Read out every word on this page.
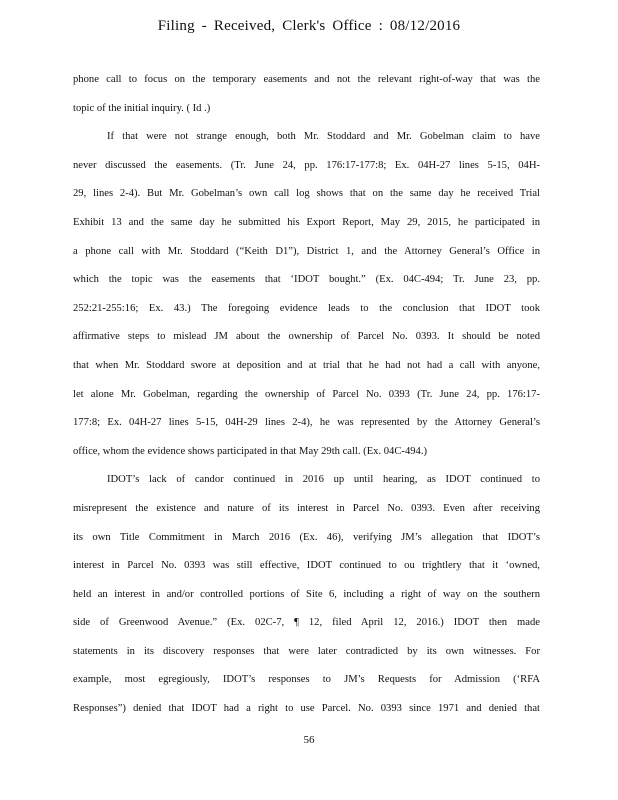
Filing - Received, Clerk's Office : 08/12/2016
phone call to focus on the temporary easements and not the relevant right-of-way that was the
topic of the initial inquiry. ( Id .)
If that were not strange enough, both Mr. Stoddard and Mr. Gobelman claim to have
never discussed the easements. (Tr. June 24, pp. 176:17-177:8; Ex. 04H-27 lines 5-15, 04H-
29, lines 2-4). But Mr. Gobelman’s own call log shows that on the same day he received Trial
Exhibit 13 and the same day he submitted his Export Report, May 29, 2015, he participated in
a phone call with Mr. Stoddard (“Keith D1”), District 1, and the Attorney General’s Office in
which the topic was the easements that ‘IDOT bought.” (Ex. 04C-494; Tr. June 23, pp.
252:21-255:16; Ex. 43.) The foregoing evidence leads to the conclusion that IDOT took
affirmative steps to mislead JM about the ownership of Parcel No. 0393. It should be noted
that when Mr. Stoddard swore at deposition and at trial that he had not had a call with anyone,
let alone Mr. Gobelman, regarding the ownership of Parcel No. 0393 (Tr. June 24, pp. 176:17-
177:8; Ex. 04H-27 lines 5-15, 04H-29 lines 2-4), he was represented by the Attorney General’s
office, whom the evidence shows participated in that May 29th call. (Ex. 04C-494.)
IDOT’s lack of candor continued in 2016 up until hearing, as IDOT continued to
misrepresent the existence and nature of its interest in Parcel No. 0393. Even after receiving
its own Title Commitment in March 2016 (Ex. 46), verifying JM’s allegation that IDOT’s
interest in Parcel No. 0393 was still effective, IDOT continued to ou trightlery that it ‘owned,
held an interest in and/or controlled portions of Site 6, including a right of way on the southern
side of Greenwood Avenue.” (Ex. 02C-7, ¶ 12, filed April 12, 2016.) IDOT then made
statements in its discovery responses that were later contradicted by its own witnesses. For
example, most egregiously, IDOT’s responses to JM’s Requests for Admission (‘RFA
Responses”) denied that IDOT had a right to use Parcel. No. 0393 since 1971 and denied that
56
